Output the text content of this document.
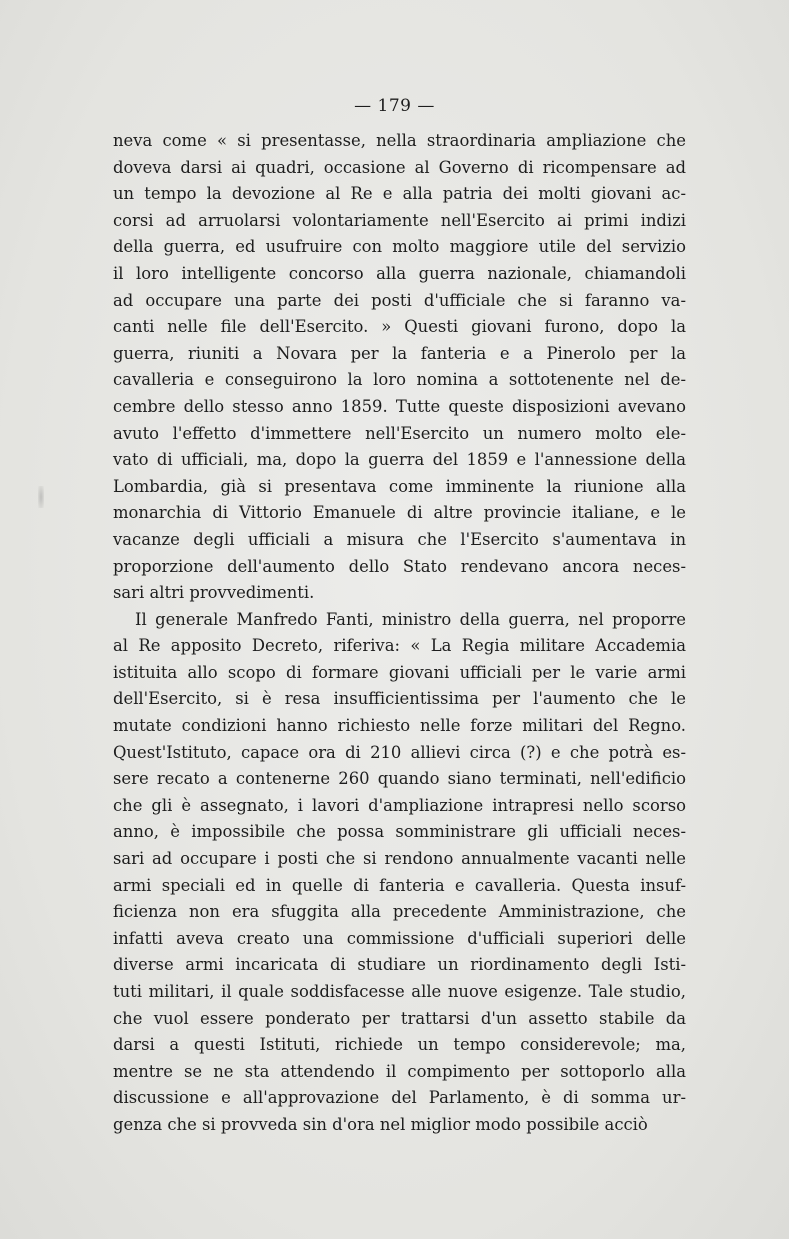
— 179 —
neva come « si presentasse, nella straordinaria ampliazione che
doveva darsi ai quadri, occasione al Governo di ricompensare ad
un tempo la devozione al Re e alla patria dei molti giovani ac-
corsi ad arruolarsi volontariamente nell'Esercito ai primi indizi
della guerra, ed usufruire con molto maggiore utile del servizio
il loro intelligente concorso alla guerra nazionale, chiamandoli
ad occupare una parte dei posti d'ufficiale che si faranno va-
canti nelle file dell'Esercito. » Questi giovani furono, dopo la
guerra, riuniti a Novara per la fanteria e a Pinerolo per la
cavalleria e conseguirono la loro nomina a sottotenente nel de-
cembre dello stesso anno 1859. Tutte queste disposizioni avevano
avuto l'effetto d'immettere nell'Esercito un numero molto ele-
vato di ufficiali, ma, dopo la guerra del 1859 e l'annessione della
Lombardia, già si presentava come imminente la riunione alla
monarchia di Vittorio Emanuele di altre provincie italiane, e le
vacanze degli ufficiali a misura che l'Esercito s'aumentava in
proporzione dell'aumento dello Stato rendevano ancora neces-
sari altri provvedimenti.
Il generale Manfredo Fanti, ministro della guerra, nel proporre
al Re apposito Decreto, riferiva: « La Regia militare Accademia
istituita allo scopo di formare giovani ufficiali per le varie armi
dell'Esercito, si è resa insufficientissima per l'aumento che le
mutate condizioni hanno richiesto nelle forze militari del Regno.
Quest'Istituto, capace ora di 210 allievi circa (?) e che potrà es-
sere recato a contenerne 260 quando siano terminati, nell'edificio
che gli è assegnato, i lavori d'ampliazione intrapresi nello scorso
anno, è impossibile che possa somministrare gli ufficiali neces-
sari ad occupare i posti che si rendono annualmente vacanti nelle
armi speciali ed in quelle di fanteria e cavalleria. Questa insuf-
ficienza non era sfuggita alla precedente Amministrazione, che
infatti aveva creato una commissione d'ufficiali superiori delle
diverse armi incaricata di studiare un riordinamento degli Isti-
tuti militari, il quale soddisfacesse alle nuove esigenze. Tale studio,
che vuol essere ponderato per trattarsi d'un assetto stabile da
darsi a questi Istituti, richiede un tempo considerevole; ma,
mentre se ne sta attendendo il compimento per sottoporlo alla
discussione e all'approvazione del Parlamento, è di somma ur-
genza che si provveda sin d'ora nel miglior modo possibile acciò
